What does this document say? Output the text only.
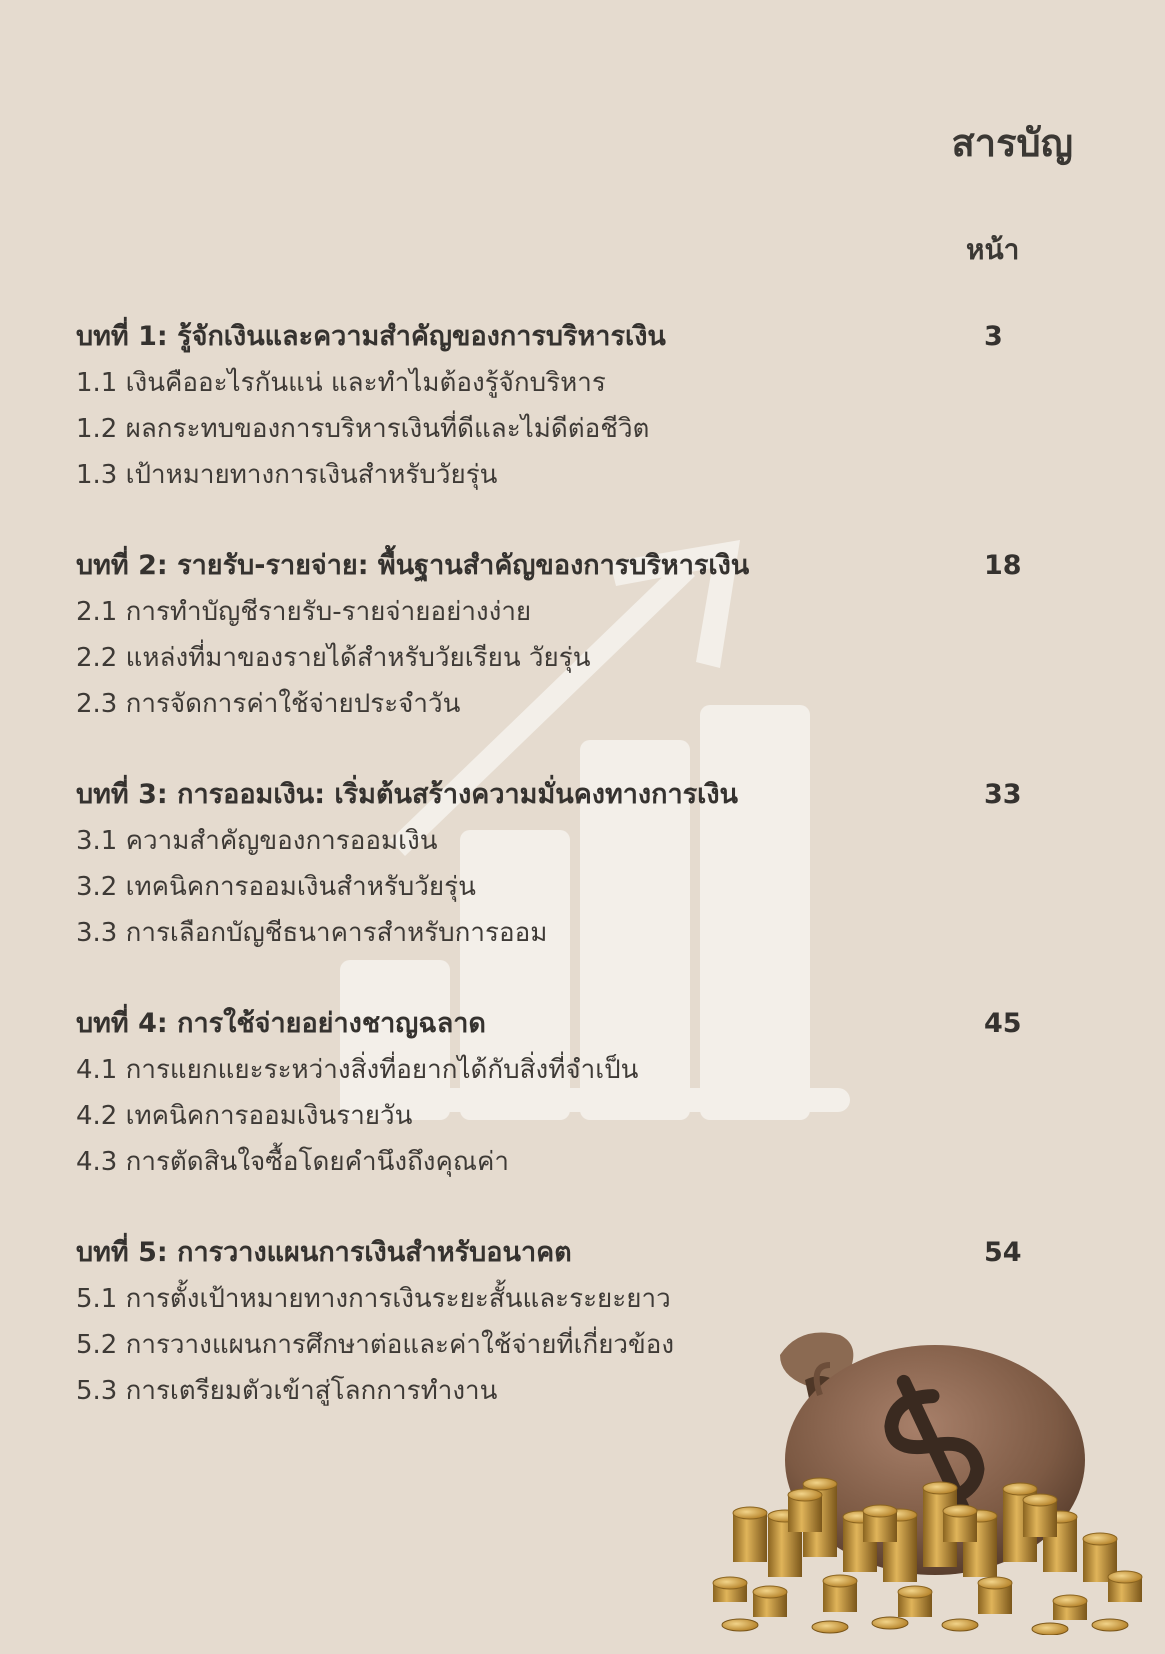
สารบัญ
หน้า
บทที่ 1: รู้จักเงินและความสำคัญของการบริหารเงิน	3
1.1 เงินคืออะไรกันแน่ และทำไมต้องรู้จักบริหาร
1.2 ผลกระทบของการบริหารเงินที่ดีและไม่ดีต่อชีวิต
1.3 เป้าหมายทางการเงินสำหรับวัยรุ่น
บทที่ 2: รายรับ-รายจ่าย: พื้นฐานสำคัญของการบริหารเงิน	18
2.1 การทำบัญชีรายรับ-รายจ่ายอย่างง่าย
2.2 แหล่งที่มาของรายได้สำหรับวัยเรียน วัยรุ่น
2.3 การจัดการค่าใช้จ่ายประจำวัน
บทที่ 3: การออมเงิน: เริ่มต้นสร้างความมั่นคงทางการเงิน	33
3.1 ความสำคัญของการออมเงิน
3.2 เทคนิคการออมเงินสำหรับวัยรุ่น
3.3 การเลือกบัญชีธนาคารสำหรับการออม
บทที่ 4: การใช้จ่ายอย่างชาญฉลาด	45
4.1 การแยกแยะระหว่างสิ่งที่อยากได้กับสิ่งที่จำเป็น
4.2 เทคนิคการออมเงินรายวัน
4.3 การตัดสินใจซื้อโดยคำนึงถึงคุณค่า
บทที่ 5: การวางแผนการเงินสำหรับอนาคต	54
5.1 การตั้งเป้าหมายทางการเงินระยะสั้นและระยะยาว
5.2 การวางแผนการศึกษาต่อและค่าใช้จ่ายที่เกี่ยวข้อง
5.3 การเตรียมตัวเข้าสู่โลกการทำงาน
